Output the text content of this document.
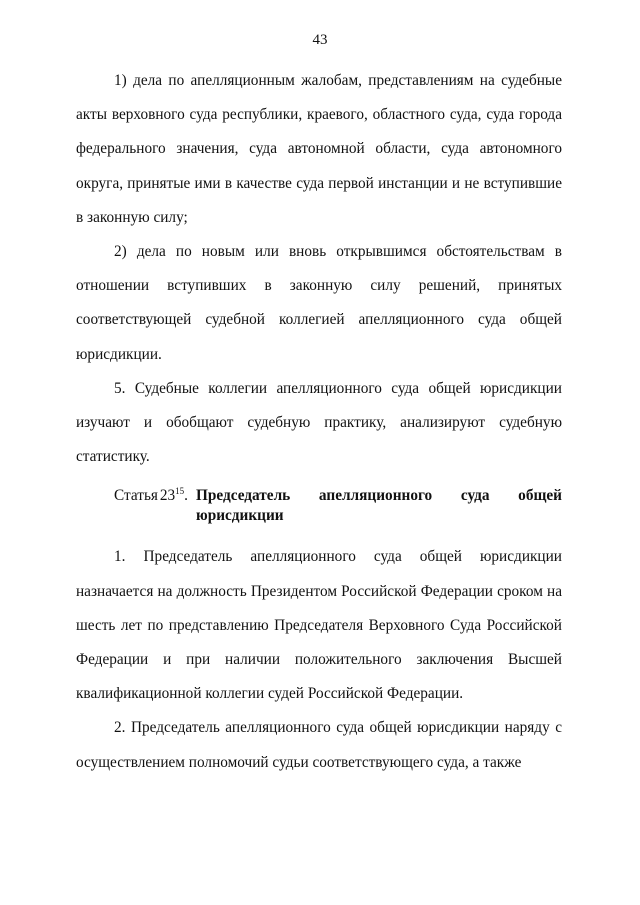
43

1) дела по апелляционным жалобам, представлениям на судебные акты верховного суда республики, краевого, областного суда, суда города федерального значения, суда автономной области, суда автономного округа, принятые ими в качестве суда первой инстанции и не вступившие в законную силу;

2) дела по новым или вновь открывшимся обстоятельствам в отношении вступивших в законную силу решений, принятых соответствующей судебной коллегией апелляционного суда общей юрисдикции.

5. Судебные коллегии апелляционного суда общей юрисдикции изучают и обобщают судебную практику, анализируют судебную статистику.

Статья $23^{15}$. Председатель апелляционного суда общей юрисдикции

1. Председатель апелляционного суда общей юрисдикции назначается на должность Президентом Российской Федерации сроком на шесть лет по представлению Председателя Верховного Суда Российской Федерации и при наличии положительного заключения Высшей квалификационной коллегии судей Российской Федерации.

2. Председатель апелляционного суда общей юрисдикции наряду с осуществлением полномочий судьи соответствующего суда, а также
